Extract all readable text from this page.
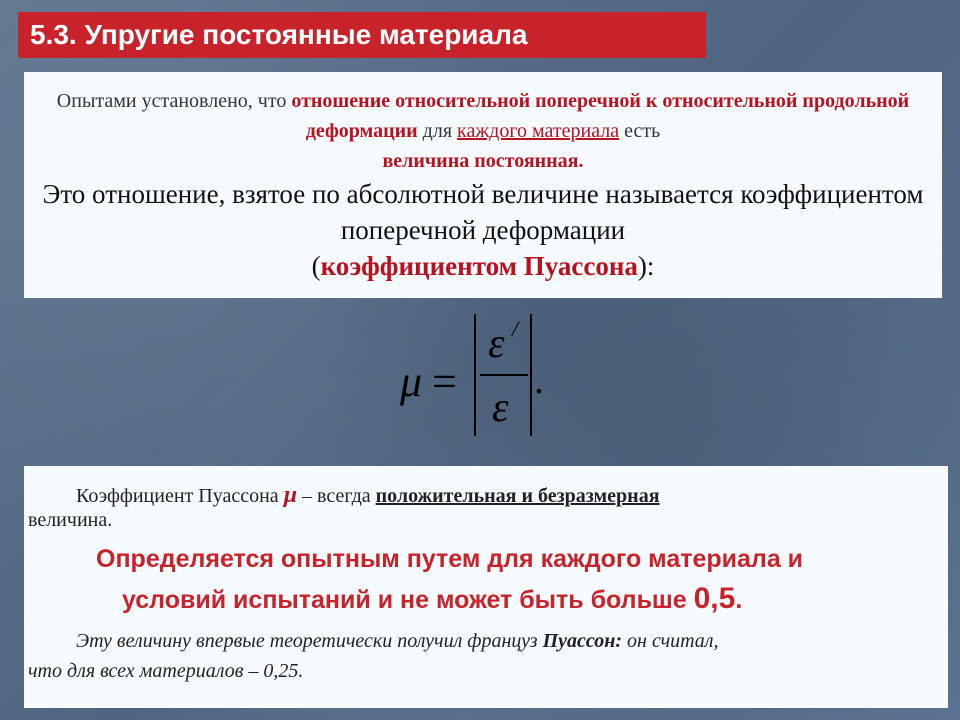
5.3. Упругие постоянные материала

Опытами установлено, что отношение относительной поперечной к относительной продольной деформации для каждого материала есть
величина постоянная.

Это отношение, взятое по абсолютной величине называется коэффициентом поперечной деформации
(коэффициентом Пуассона):

μ =
ε /
ε
.

Коэффициент Пуассона μ – всегда положительная и безразмерная

величина.

Определяется опытным путем для каждого материала и
условий испытаний и не может быть больше 0,5.

Эту величину впервые теоретически получил француз Пуассон: он считал,
что для всех материалов – 0,25.
